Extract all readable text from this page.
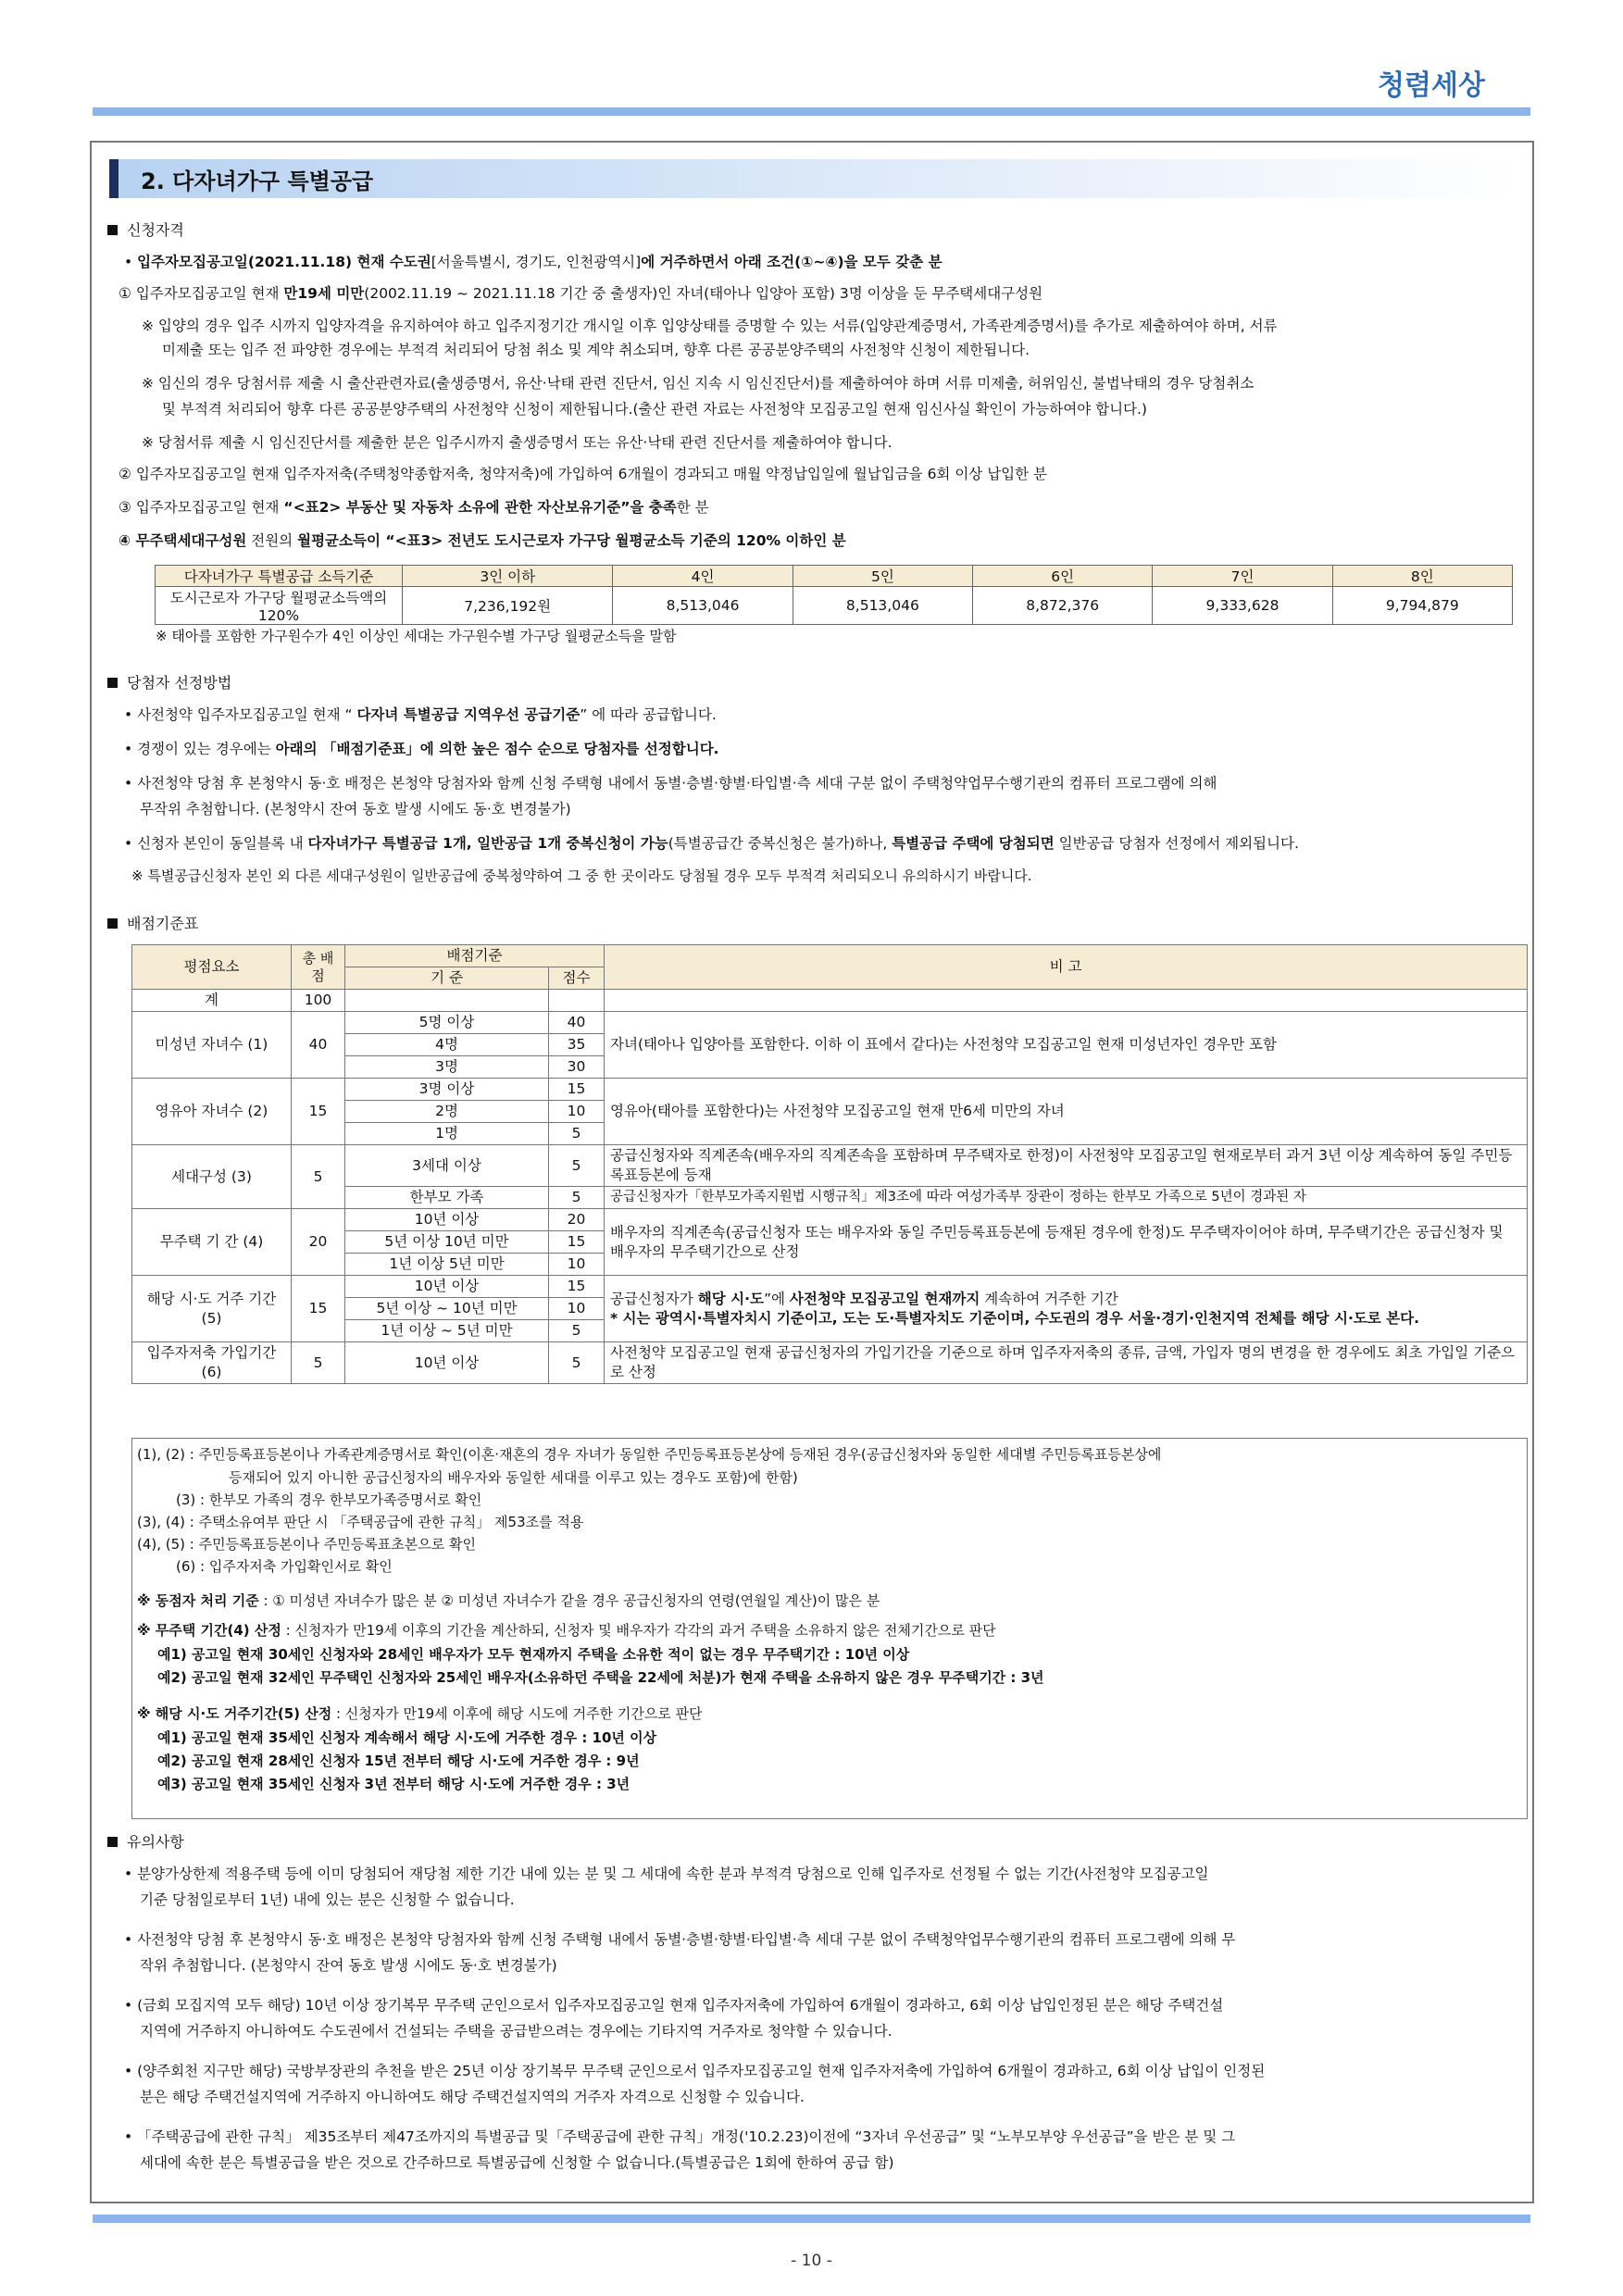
청렴세상
2. 다자녀가구 특별공급
신청자격
• 입주자모집공고일(2021.11.18) 현재 수도권[서울특별시, 경기도, 인천광역시]에 거주하면서 아래 조건(①~④)을 모두 갖춘 분
① 입주자모집공고일 현재 만19세 미만(2002.11.19 ~ 2021.11.18 기간 중 출생자)인 자녀(태아나 입양아 포함) 3명 이상을 둔 무주택세대구성원
※ 입양의 경우 입주 시까지 입양자격을 유지하여야 하고 입주지정기간 개시일 이후 입양상태를 증명할 수 있는 서류(입양관계증명서, 가족관계증명서)를 추가로 제출하여야 하며, 서류
미제출 또는 입주 전 파양한 경우에는 부적격 처리되어 당첨 취소 및 계약 취소되며, 향후 다른 공공분양주택의 사전청약 신청이 제한됩니다.
※ 임신의 경우 당첨서류 제출 시 출산관련자료(출생증명서, 유산·낙태 관련 진단서, 임신 지속 시 임신진단서)를 제출하여야 하며 서류 미제출, 허위임신, 불법낙태의 경우 당첨취소
및 부적격 처리되어 향후 다른 공공분양주택의 사전청약 신청이 제한됩니다.(출산 관련 자료는 사전청약 모집공고일 현재 임신사실 확인이 가능하여야 합니다.)
※ 당첨서류 제출 시 임신진단서를 제출한 분은 입주시까지 출생증명서 또는 유산·낙태 관련 진단서를 제출하여야 합니다.
② 입주자모집공고일 현재 입주자저축(주택청약종합저축, 청약저축)에 가입하여 6개월이 경과되고 매월 약정납입일에 월납입금을 6회 이상 납입한 분
③ 입주자모집공고일 현재 “<표2> 부동산 및 자동차 소유에 관한 자산보유기준”을 충족한 분
④ 무주택세대구성원 전원의 월평균소득이 “<표3> 전년도 도시근로자 가구당 월평균소득 기준의 120% 이하인 분
다자녀가구 특별공급 소득기준	3인 이하	4인	5인	6인	7인	8인
도시근로자 가구당 월평균소득액의 120%	7,236,192원	8,513,046	8,513,046	8,872,376	9,333,628	9,794,879
※ 태아를 포함한 가구원수가 4인 이상인 세대는 가구원수별 가구당 월평균소득을 말함
당첨자 선정방법
• 사전청약 입주자모집공고일 현재 “ 다자녀 특별공급 지역우선 공급기준” 에 따라 공급합니다.
• 경쟁이 있는 경우에는 아래의 「배점기준표」에 의한 높은 점수 순으로 당첨자를 선정합니다.
• 사전청약 당첨 후 본청약시 동·호 배정은 본청약 당첨자와 함께 신청 주택형 내에서 동별·층별·향별·타입별·측 세대 구분 없이 주택청약업무수행기관의 컴퓨터 프로그램에 의해
무작위 추첨합니다. (본청약시 잔여 동호 발생 시에도 동·호 변경불가)
• 신청자 본인이 동일블록 내 다자녀가구 특별공급 1개, 일반공급 1개 중복신청이 가능(특별공급간 중복신청은 불가)하나, 특별공급 주택에 당첨되면 일반공급 당첨자 선정에서 제외됩니다.
※ 특별공급신청자 본인 외 다른 세대구성원이 일반공급에 중복청약하여 그 중 한 곳이라도 당첨될 경우 모두 부적격 처리되오니 유의하시기 바랍니다.
배점기준표
평점요소	총 배점	배점기준		비 고
		기 준	점수	
계	100			
미성년 자녀수 (1)	40	5명 이상	40	자녀(태아나 입양아를 포함한다. 이하 이 표에서 같다)는 사전청약 모집공고일 현재 미성년자인 경우만 포함
		4명	35	
		3명	30	
영유아 자녀수 (2)	15	3명 이상	15	영유아(태아를 포함한다)는 사전청약 모집공고일 현재 만6세 미만의 자녀
		2명	10	
		1명	5	
세대구성 (3)	5	3세대 이상	5	공급신청자와 직계존속(배우자의 직계존속을 포함하며 무주택자로 한정)이 사전청약 모집공고일 현재로부터 과거 3년 이상 계속하여 동일 주민등록표등본에 등재
		한부모 가족	5	공급신청자가「한부모가족지원법 시행규칙」제3조에 따라 여성가족부 장관이 정하는 한부모 가족으로 5년이 경과된 자
무주택 기 간 (4)	20	10년 이상	20	배우자의 직계존속(공급신청자 또는 배우자와 동일 주민등록표등본에 등재된 경우에 한정)도 무주택자이어야 하며, 무주택기간은 공급신청자 및 배우자의 무주택기간으로 산정
		5년 이상 10년 미만	15	
		1년 이상 5년 미만	10	
해당 시·도 거주 기간 (5)	15	10년 이상	15	공급신청자가 해당 시·도”에 사전청약 모집공고일 현재까지 계속하여 거주한 기간
* 시는 광역시·특별자치시 기준이고, 도는 도·특별자치도 기준이며, 수도권의 경우 서울·경기·인천지역 전체를 해당 시·도로 본다.

		5년 이상 ~ 10년 미만	10	
		1년 이상 ~ 5년 미만	5	
입주자저축 가입기간 (6)	5	10년 이상	5	사전청약 모집공고일 현재 공급신청자의 가입기간을 기준으로 하며 입주자저축의 종류, 금액, 가입자 명의 변경을 한 경우에도 최초 가입일 기준으로 산정
(1), (2) : 주민등록표등본이나 가족관계증명서로 확인(이혼·재혼의 경우 자녀가 동일한 주민등록표등본상에 등재된 경우(공급신청자와 동일한 세대별 주민등록표등본상에
등재되어 있지 아니한 공급신청자의 배우자와 동일한 세대를 이루고 있는 경우도 포함)에 한함)
(3) : 한부모 가족의 경우 한부모가족증명서로 확인
(3), (4) : 주택소유여부 판단 시 「주택공급에 관한 규칙」 제53조를 적용
(4), (5) : 주민등록표등본이나 주민등록표초본으로 확인
(6) : 입주자저축 가입확인서로 확인
※ 동점자 처리 기준 : ① 미성년 자녀수가 많은 분 ② 미성년 자녀수가 같을 경우 공급신청자의 연령(연월일 계산)이 많은 분
※ 무주택 기간(4) 산정 : 신청자가 만19세 이후의 기간을 계산하되, 신청자 및 배우자가 각각의 과거 주택을 소유하지 않은 전체기간으로 판단
예1) 공고일 현재 30세인 신청자와 28세인 배우자가 모두 현재까지 주택을 소유한 적이 없는 경우 무주택기간 : 10년 이상
예2) 공고일 현재 32세인 무주택인 신청자와 25세인 배우자(소유하던 주택을 22세에 처분)가 현재 주택을 소유하지 않은 경우 무주택기간 : 3년
※ 해당 시·도 거주기간(5) 산정 : 신청자가 만19세 이후에 해당 시도에 거주한 기간으로 판단
예1) 공고일 현재 35세인 신청자 계속해서 해당 시·도에 거주한 경우 : 10년 이상
예2) 공고일 현재 28세인 신청자 15년 전부터 해당 시·도에 거주한 경우 : 9년
예3) 공고일 현재 35세인 신청자 3년 전부터 해당 시·도에 거주한 경우 : 3년
유의사항
• 분양가상한제 적용주택 등에 이미 당첨되어 재당첨 제한 기간 내에 있는 분 및 그 세대에 속한 분과 부적격 당첨으로 인해 입주자로 선정될 수 없는 기간(사전청약 모집공고일
기준 당첨일로부터 1년) 내에 있는 분은 신청할 수 없습니다.
• 사전청약 당첨 후 본청약시 동·호 배정은 본청약 당첨자와 함께 신청 주택형 내에서 동별·층별·향별·타입별·측 세대 구분 없이 주택청약업무수행기관의 컴퓨터 프로그램에 의해 무
작위 추첨합니다. (본청약시 잔여 동호 발생 시에도 동·호 변경불가)
• (금회 모집지역 모두 해당) 10년 이상 장기복무 무주택 군인으로서 입주자모집공고일 현재 입주자저축에 가입하여 6개월이 경과하고, 6회 이상 납입인정된 분은 해당 주택건설
지역에 거주하지 아니하여도 수도권에서 건설되는 주택을 공급받으려는 경우에는 기타지역 거주자로 청약할 수 있습니다.
• (양주회천 지구만 해당) 국방부장관의 추천을 받은 25년 이상 장기복무 무주택 군인으로서 입주자모집공고일 현재 입주자저축에 가입하여 6개월이 경과하고, 6회 이상 납입이 인정된
분은 해당 주택건설지역에 거주하지 아니하여도 해당 주택건설지역의 거주자 자격으로 신청할 수 있습니다.
• 「주택공급에 관한 규칙」 제35조부터 제47조까지의 특별공급 및「주택공급에 관한 규칙」개정('10.2.23)이전에 “3자녀 우선공급” 및 “노부모부양 우선공급”을 받은 분 및 그
세대에 속한 분은 특별공급을 받은 것으로 간주하므로 특별공급에 신청할 수 없습니다.(특별공급은 1회에 한하여 공급 함)
- 10 -
